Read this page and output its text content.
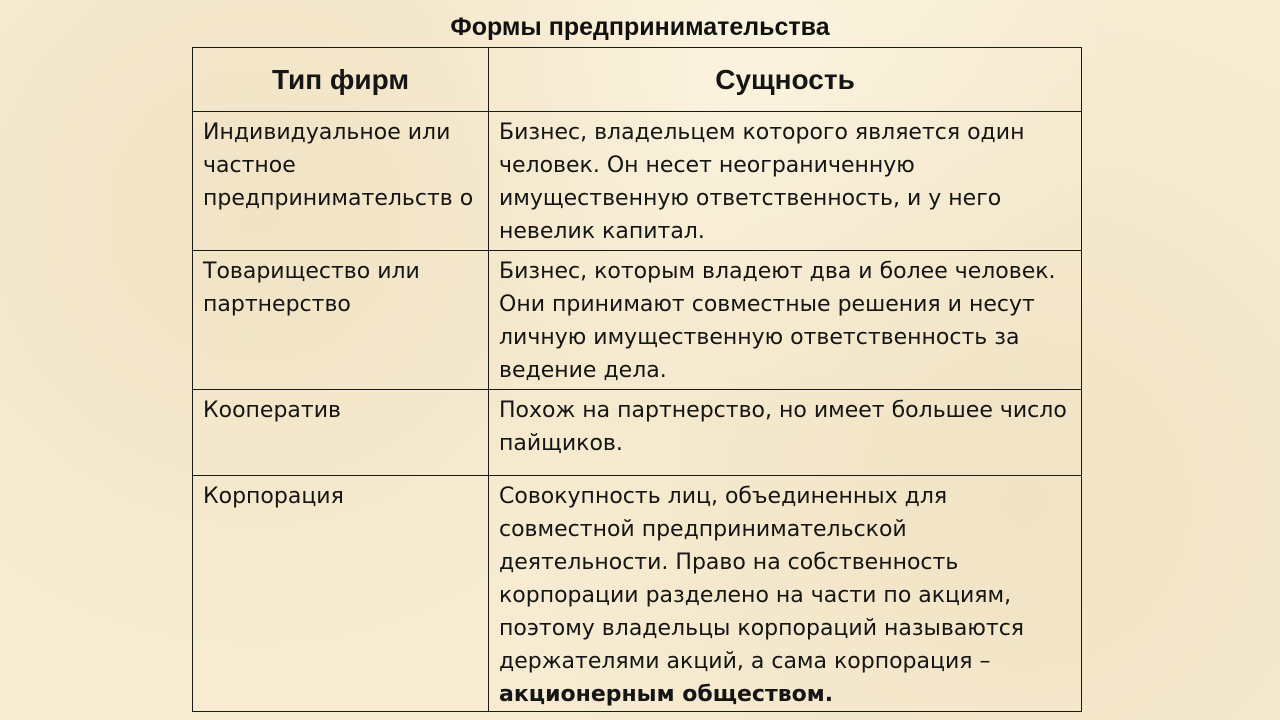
Формы предпринимательства
Тип фирм	Сущность
Индивидуальное или частное предпринимательств о	Бизнес, владельцем которого является один человек. Он несет неограниченную имущественную ответственность, и у него невелик капитал.
Товарищество или партнерство	Бизнес, которым владеют два и более человек. Они принимают совместные решения и несут личную имущественную ответственность за ведение дела.
Кооператив	Похож на партнерство, но имеет большее число пайщиков.
Корпорация	Совокупность лиц, объединенных для совместной предпринимательской деятельности. Право на собственность корпорации разделено на части по акциям, поэтому владельцы корпораций называются держателями акций, а сама корпорация – акционерным обществом.
